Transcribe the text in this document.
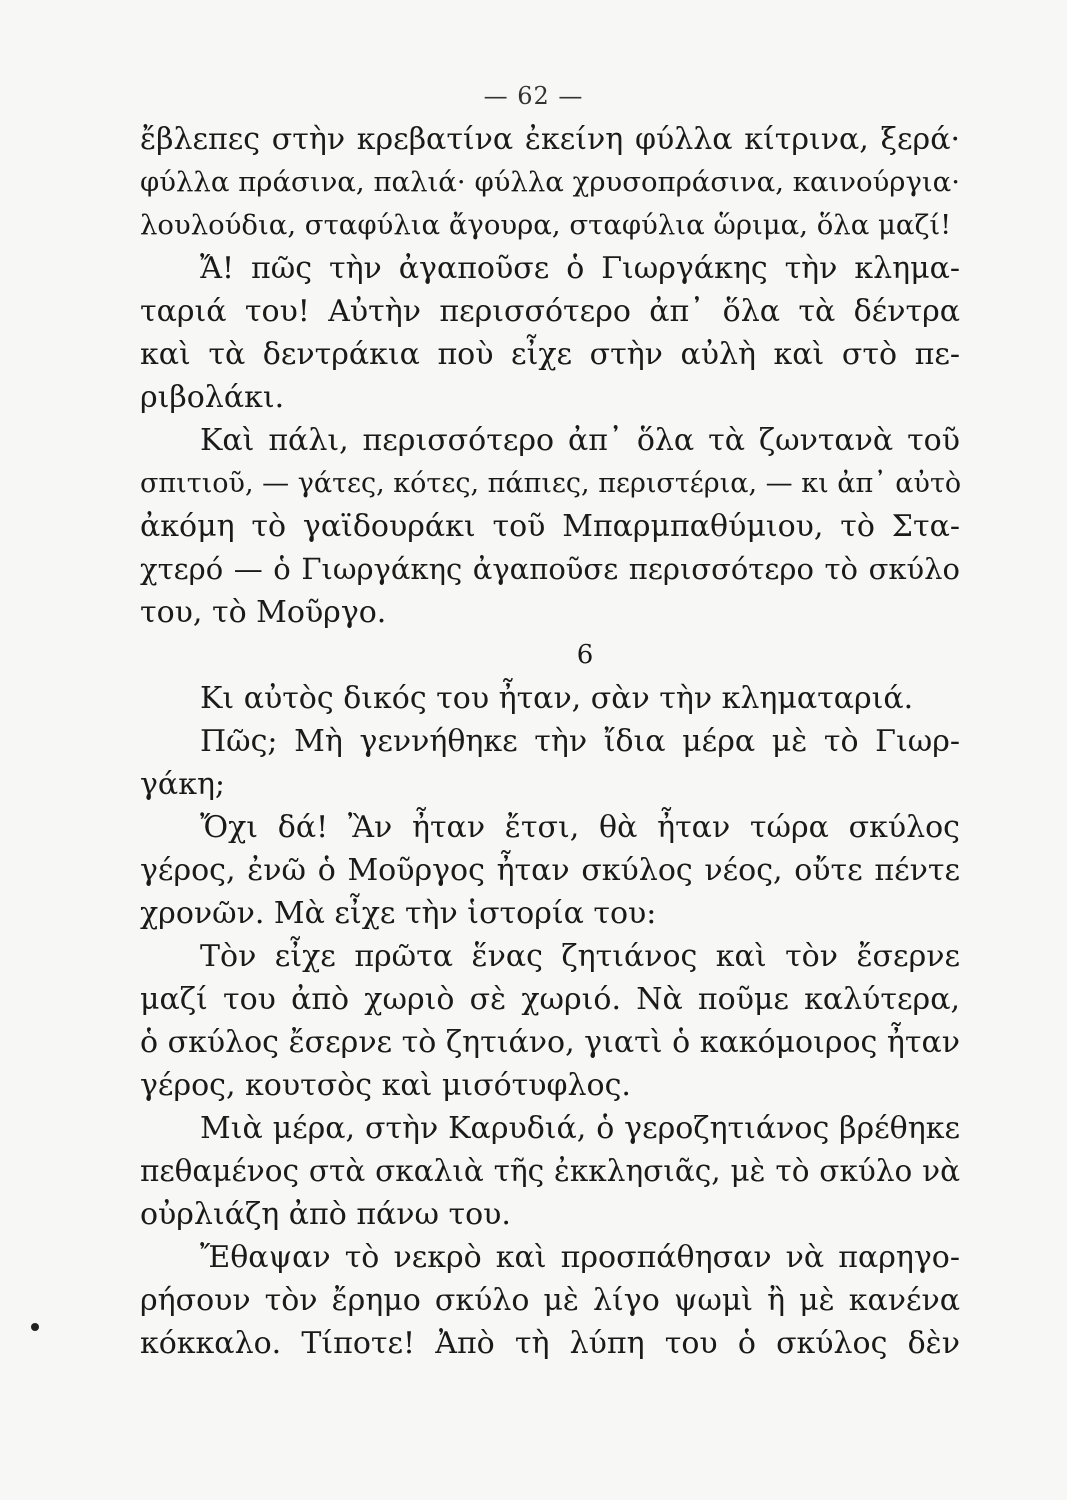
— 62 —
ἔβλεπες στὴν κρεβατίνα ἐκείνη φύλλα κίτρινα, ξερά·
φύλλα πράσινα, παλιά· φύλλα χρυσοπράσινα, καινούργια·
λουλούδια, σταφύλια ἄγουρα, σταφύλια ὥριμα, ὅλα μαζί!
Ἄ! πῶς τὴν ἀγαποῦσε ὁ Γιωργάκης τὴν κλημα-
ταριά του! Αὐτὴν περισσότερο ἀπ᾿ ὅλα τὰ δέντρα
καὶ τὰ δεντράκια ποὺ εἶχε στὴν αὐλὴ καὶ στὸ πε-
ριβολάκι.
Καὶ πάλι, περισσότερο ἀπ᾿ ὅλα τὰ ζωντανὰ τοῦ
σπιτιοῦ, — γάτες, κότες, πάπιες, περιστέρια, — κι ἀπ᾿ αὐτὸ
ἀκόμη τὸ γαϊδουράκι τοῦ Μπαρμπαθύμιου, τὸ Στα-
χτερό — ὁ Γιωργάκης ἀγαποῦσε περισσότερο τὸ σκύλο
του, τὸ Μοῦργο.
6
Κι αὐτὸς δικός του ἦταν, σὰν τὴν κληματαριά.
Πῶς; Μὴ γεννήθηκε τὴν ἴδια μέρα μὲ τὸ Γιωρ-
γάκη;
Ὄχι δά! Ἂν ἦταν ἔτσι, θὰ ἦταν τώρα σκύλος
γέρος, ἐνῶ ὁ Μοῦργος ἦταν σκύλος νέος, οὔτε πέντε
χρονῶν. Μὰ εἶχε τὴν ἱστορία του:
Τὸν εἶχε πρῶτα ἕνας ζητιάνος καὶ τὸν ἔσερνε
μαζί του ἀπὸ χωριὸ σὲ χωριό. Νὰ ποῦμε καλύτερα,
ὁ σκύλος ἔσερνε τὸ ζητιάνο, γιατὶ ὁ κακόμοιρος ἦταν
γέρος, κουτσὸς καὶ μισότυφλος.
Μιὰ μέρα, στὴν Καρυδιά, ὁ γεροζητιάνος βρέθηκε
πεθαμένος στὰ σκαλιὰ τῆς ἐκκλησιᾶς, μὲ τὸ σκύλο νὰ
οὐρλιάζη ἀπὸ πάνω του.
Ἔθαψαν τὸ νεκρὸ καὶ προσπάθησαν νὰ παρηγο-
ρήσουν τὸν ἔρημο σκύλο μὲ λίγο ψωμὶ ἢ μὲ κανένα
κόκκαλο. Τίποτε! Ἀπὸ τὴ λύπη του ὁ σκύλος δὲν
